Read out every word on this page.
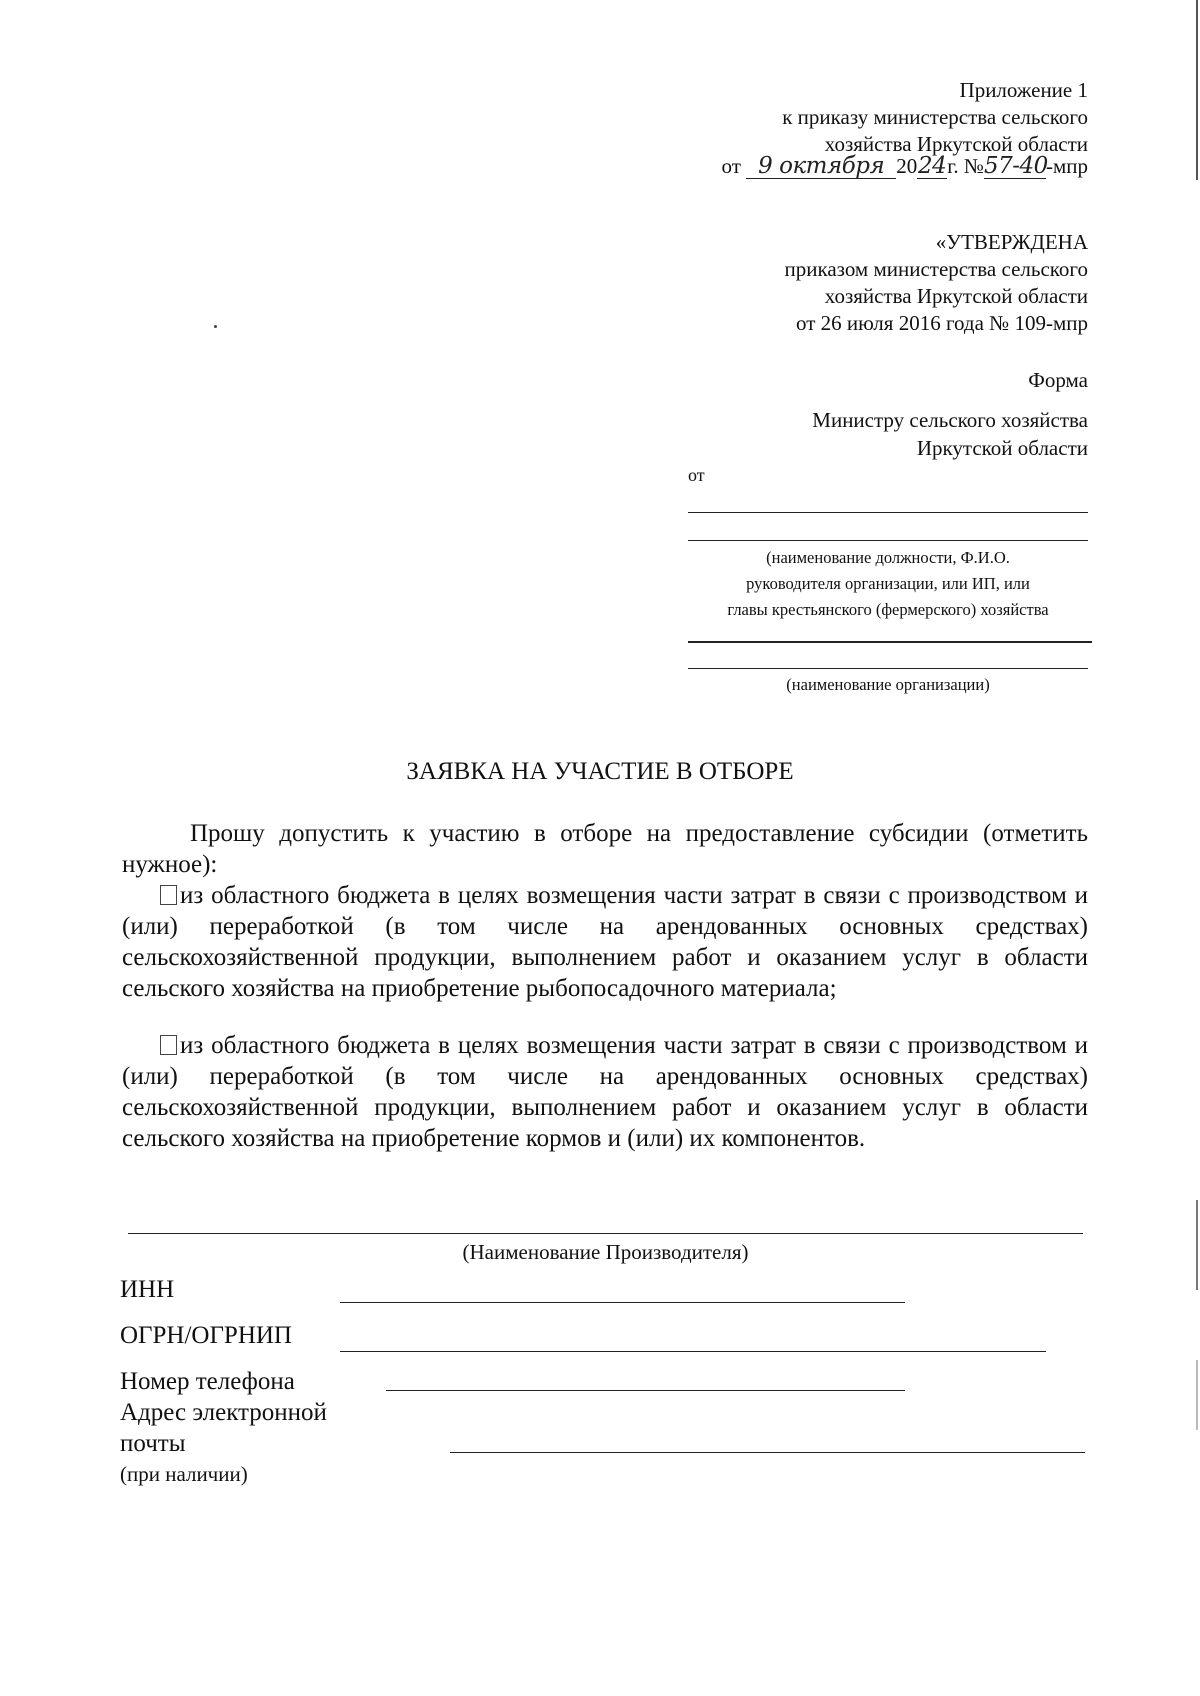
Приложение 1
к приказу министерства сельского
хозяйства Иркутской области
от 9 октября 2024г. №57-40-мпр
«УТВЕРЖДЕНА
приказом министерства сельского
хозяйства Иркутской области
от 26 июля 2016 года № 109-мпр
Форма
Министру сельского хозяйства
Иркутской области
от
(наименование должности, Ф.И.О.
руководителя организации, или ИП, или
главы крестьянского (фермерского) хозяйства
(наименование организации)
ЗАЯВКА НА УЧАСТИЕ В ОТБОРЕ
Прошу допустить к участию в отборе на предоставление субсидии (отметить нужное):
из областного бюджета в целях возмещения части затрат в связи с производством и (или) переработкой (в том числе на арендованных основных средствах) сельскохозяйственной продукции, выполнением работ и оказанием услуг в области сельского хозяйства на приобретение рыбопосадочного материала;
из областного бюджета в целях возмещения части затрат в связи с производством и (или) переработкой (в том числе на арендованных основных средствах) сельскохозяйственной продукции, выполнением работ и оказанием услуг в области сельского хозяйства на приобретение кормов и (или) их компонентов.
(Наименование Производителя)
ИНН
ОГРН/ОГРНИП
Номер телефона
Адрес электронной
почты
(при наличии)
